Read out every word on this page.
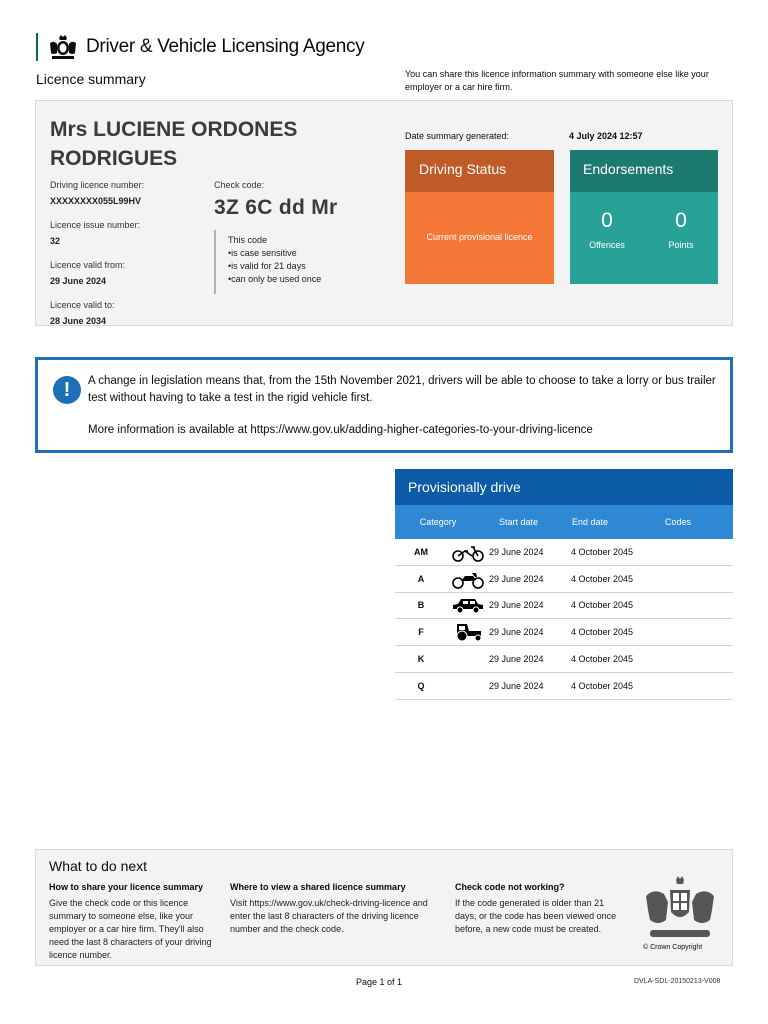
Driver & Vehicle Licensing Agency
Licence summary	You can share this licence information summary with someone else like your employer or a car hire firm.
Mrs LUCIENE ORDONES RODRIGUES
Driving licence number:
XXXXXXXX055L99HV
Licence issue number:
32
Licence valid from:
29 June 2024
Licence valid to:
28 June 2034
Check code:
3Z 6C dd Mr
This code
• is case sensitive
• is valid for 21 days
• can only be used once
Date summary generated:	4 July 2024 12:57
Driving Status
Current provisional licence
Endorsements
0
Offences
0
Points
!	A change in legislation means that, from the 15th November 2021, drivers will be able to choose to take a lorry or bus trailer test without having to take a test in the rigid vehicle first.
More information is available at https://www.gov.uk/adding-higher-categories-to-your-driving-licence
Provisionally drive
Category	Start date	End date	Codes
AM	29 June 2024	4 October 2045
A	29 June 2024	4 October 2045
B	29 June 2024	4 October 2045
F	29 June 2024	4 October 2045
K	29 June 2024	4 October 2045
Q	29 June 2024	4 October 2045
What to do next
How to share your licence summary
Give the check code or this licence summary to someone else, like your employer or a car hire firm. They'll also need the last 8 characters of your driving licence number.
Where to view a shared licence summary
Visit https://www.gov.uk/check-driving-licence and enter the last 8 characters of the driving licence number and the check code.
Check code not working?
If the code generated is older than 21 days, or the code has been viewed once before, a new code must be created.
© Crown Copyright
Page 1 of 1	DVLA-SDL-20150213-V008
